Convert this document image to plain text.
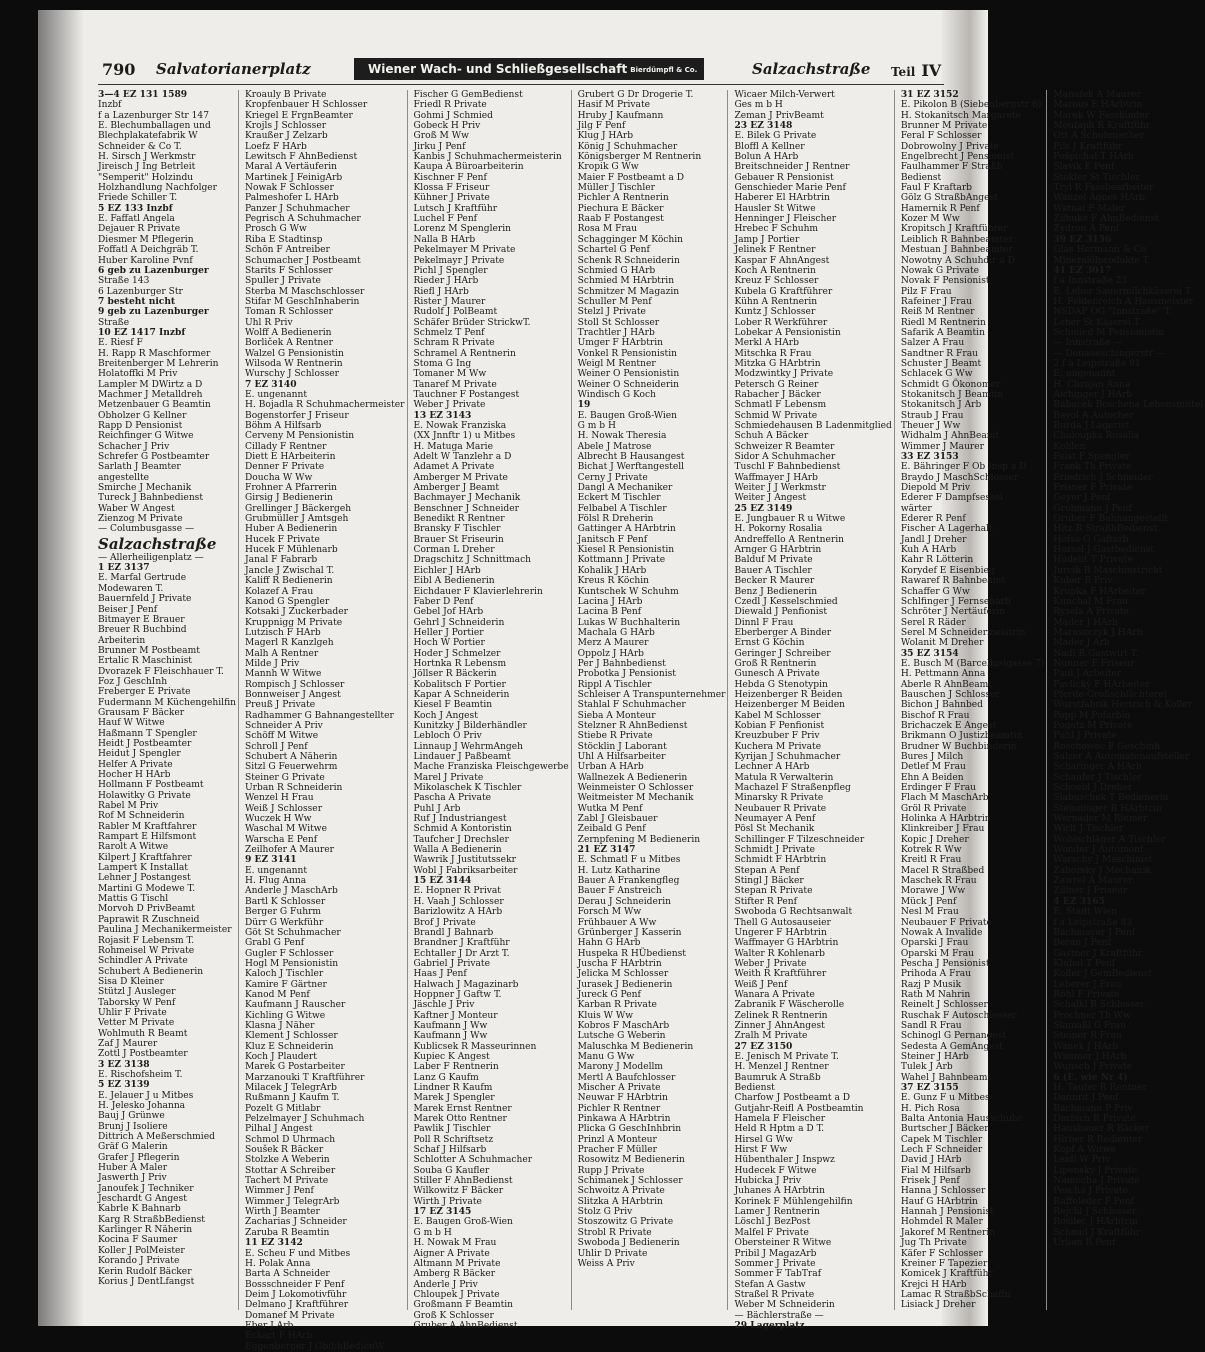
790 Salvatorianerplatz	Wiener Wach- und Schließgesellschaft Bierdümpfl & Co.	Salzachstraße Teil IV
3—4 EZ 131 1589
Inzbf
f a Lazenburger Str 147
E. Blechumballagen und
Blechplakatefabrik W
Schneider & Co T.
H. Sirsch J Werkmstr
Jireisch J Ing Betrleit
"Semperit" Holzindu
Holzhandlung Nachfolger
Friede Schiller T.
5 EZ 133 Inzbf
E. Faffatl Angela
Dejauer R Private
Diesmer M Pflegerin
Foffatl A Deichgräb T.
Huber Karoline Pvnf
6 geb zu Lazenburger
Straße 143
6 Lazenburger Str
7 besteht nicht
9 geb zu Lazenburger
Straße
10 EZ 1417 Inzbf
E. Riesf F
H. Rapp R Maschformer
Breitenberger M Lehrerin
Holatoffki M Priv
Lampler M DWirtz a D
Machmer J Metalldreh
Metzenbauer G Beamtin
Obholzer G Kellner
Rapp D Pensionist
Reichfinger G Witwe
Schacher J Priv
Schrefer G Postbeamter
Sarlath J Beamter
angestellte
Smirche J Mechanik
Tureck J Bahnbedienst
Waber W Angest
Zienzog M Private
— Columbusgasse —
Salzachstraße
— Allerheiligenplatz —
1 EZ 3137
E. Marfal Gertrude
Modewaren T.
Bauernfeld J Private
Beiser J Penf
Bitmayer E Brauer
Breuer R Buchbind
Arbeiterin
Brunner M Postbeamt
Ertalic R Maschinist
Dvorazek F Fleischhauer T.
Foz J GeschInh
Freberger E Private
Fudermann M Küchengehilfin
Grausam F Bäcker
Hauf W Witwe
Haßmann T Spengler
Heidt J Postbeamter
Heidut J Spengler
Helfer A Private
Hocher H HArb
Hollmann F Postbeamt
Holawitky G Private
Rabel M Priv
Rof M Schneiderin
Rabler M Kraftfahrer
Rampart E Hilfsmont
Rarolt A Witwe
Kilpert J Kraftfahrer
Lampert K Installat
Lehner J Postangest
Martini G Modewe T.
Mattis G Tischl
Morvoh D PrivBeamt
Paprawit R Zuschneid
Paulina J Mechanikermeister
Rojasit F Lebensm T.
Rohmeisel W Private
Schindler A Private
Schubert A Bedienerin
Sisa D Kleiner
Stützl J Ausleger
Taborsky W Penf
Uhlir F Private
Vetter M Private
Wohlmuth R Beamt
Zaf J Maurer
Zottl J Postbeamter
3 EZ 3138
E. Rischofsheim T.
5 EZ 3139
E. Jelauer J u Mitbes
H. Jelesko Johanna
Bauj J Grünwe
Brunj J Isoliere
Dittrich A Meßerschmied
Gräf G Malerin
Grafer J Pflegerin
Huber A Maler
Jaswerth J Priv
Janoufek J Techniker
Jeschardt G Angest
Kabrle K Bahnarb
Karg R StraßbBedienst
Karlinger R Näherin
Kocina F Saumer
Koller J PolMeister
Korando J Private
Kerin Rudolf Bäcker
Korius J DentLfangst
Kroauly B Private
Kropfenbauer H Schlosser
Kriegel E FrgnBeamter
Krojls J Schlosser
Kraußer J Zelzarb
Loefz F HArb
Lewitsch F AhnBedienst
Maral A Vertäuferin
Martinek J FeinigArb
Nowak F Schlosser
Palmeshofer L HArb
Panzer J Schuhmacher
Pegrisch A Schuhmacher
Prosch G Ww
Riba E Stadtinsp
Schön F Antreiber
Schumacher J Postbeamt
Starits F Schlosser
Spuller J Private
Sterba M Maschschlosser
Stifar M GeschInhaberin
Toman R Schlosser
Uhl R Priv
Wolff A Bedienerin
Borliček A Rentner
Walzel G Pensionistin
Wilsoda W Rentnerin
Wurschy J Schlosser
7 EZ 3140
E. ungenannt
H. Bojadla R Schuhmachermeister
Bogenstorfer J Friseur
Böhm A Hilfsarb
Cerveny M Pensionistin
Cillady F Rentner
Diett E HArbeiterin
Denner F Private
Doucha W Ww
Frohner A Pfarrerin
Girsig J Bedienerin
Grellinger J Bäckergeh
Grubmüller J Amtsgeh
Huber A Bedienerin
Hucek F Private
Hucek F Mühlenarb
Janal F Fabrarb
Jancle J Zwischal T.
Kaliff R Bedienerin
Kolazef A Frau
Kanod G Spengler
Kotsaki J Zuckerbader
Kruppnigg M Private
Lutzisch F HArb
Magerl R Kanzlgeh
Malh A Rentner
Milde J Priv
Mannh W Witwe
Rompisch J Schlosser
Bonnweiser J Angest
Preuß J Private
Radhammer G Bahnangestellter
Schneider A Priv
Schöff M Witwe
Schroll J Penf
Schubert A Näherin
Sitzl G Feuerwehrm
Steiner G Private
Urban R Schneiderin
Wenzel H Frau
Weiß J Schlosser
Wuczek H Ww
Waschal M Witwe
Warscha E Penf
Zeilhofer A Maurer
9 EZ 3141
E. ungenannt
H. Flug Anna
Anderle J MaschArb
Bartl K Schlosser
Berger G Fuhrm
Dürr G Werkführ
Göt St Schuhmacher
Grabl G Penf
Gugler F Schlosser
Hogl M Pensionistin
Kaloch J Tischler
Kamire F Gärtner
Kanod M Penf
Kaufmann J Rauscher
Kichling G Witwe
Klasna J Näher
Klement J Schlosser
Kluz E Schneiderin
Koch J Plaudert
Marek G Postarbeiter
Marzanouki T Kraftführer
Milacek J TelegrArb
Rußmann J Kaufm T.
Pozelt G Mitlabr
Pelzelmayer J Schuhmach
Pilhal J Angest
Schmol D Uhrmach
Soušek R Bäcker
Stolzke A Weberin
Stottar A Schreiber
Tachert M Private
Wimmer J Penf
Wimmer J TelegrArb
Wirth J Beamter
Zacharias J Schneider
Zaruba R Beamtin
11 EZ 3142
E. Scheu F und Mitbes
H. Polak Anna
Barta A Schneider
Bossschneider F Penf
Deim J Lokomotivführ
Delmano J Kraftführer
Domanef M Private
Eber J Arb
Eckart F HArb
Eggenberger J GbibhBedienW
Fischer G GemBedienst
Friedl R Private
Gohmi J Schmied
Gobeck H Priv
Groß M Ww
Jirku J Penf
Kanbis J Schuhmachermeisterin
Kaupa A Büroarbeiterin
Kischner F Penf
Klossa F Friseur
Kühner J Private
Lutsch J Kraftführ
Luchel F Penf
Lorenz M Spenglerin
Nalla B HArb
Pekelmayer M Private
Pekelmayr J Private
Pichl J Spengler
Rieder J HArb
Riefl J HArb
Rister J Maurer
Rudolf J PolBeamt
Schäfer Brüder StrickwT.
Schmelz T Penf
Schram R Private
Schramel A Rentnerin
Stoma G Ing
Tomaner M Ww
Tanaref M Private
Tauchner F Postangest
Weber J Private
13 EZ 3143
E. Nowak Franziska
(XX Jnnftr 1) u Mitbes
H. Matuga Marie
Adelt W Tanzlehr a D
Adamet A Private
Amberger M Private
Amberger J Beamt
Bachmayer J Mechanik
Benschner J Schneider
Benedikt R Rentner
Bransky F Tischler
Brauer St Friseurin
Corman L Dreher
Dragschitz J Schnittmach
Eichler J HArb
Eibl A Bedienerin
Eichdauer F Klavierlehrerin
Faber D Penf
Gebel Jof HArb
Gehrl J Schneiderin
Heller J Portier
Hoch W Portier
Hoder J Schmelzer
Hortnka R Lebensm
Jöllser R Bäckerin
Kobalitsch F Portier
Kapar A Schneiderin
Kiesel F Beamtin
Koch J Angest
Kunitzky J Bilderhändler
Lebloch O Priv
Linnaup J WehrmAngeh
Lindauer J Paßbeamt
Mache Franziska Fleischgewerbe
Marel J Private
Mikolaschek K Tischler
Pascha A Private
Puhl J Arb
Ruf J Industriangest
Schmid A Kontoristin
Taufcher J Drechsler
Walla A Bedienerin
Wawrik J Justitutssekr
Wobl J Fabriksarbeiter
15 EZ 3144
E. Hopner R Privat
H. Vaah J Schlosser
Barizlowitz A HArb
Brof J Private
Brandl J Bahnarb
Brandner J Kraftführ
Echtaller J Dr Arzt T.
Gabriel J Private
Haas J Penf
Halwach J Magazinarb
Hoppner J Gaftw T.
Jäschle J Priv
Kaftner J Monteur
Kaufmann J Ww
Kaufmann J Ww
Kublicsek R Masseurinnen
Kupiec K Angest
Laber F Rentnerin
Lanz G Kaufm
Lindner R Kaufm
Marek J Spengler
Marek Ernst Rentner
Marek Otto Rentner
Pawlik J Tischler
Poll R Schriftsetz
Schaf J Hilfsarb
Schlotter A Schuhmacher
Souba G Kaufler
Stiller F AhnBedienst
Wilkowitz F Bäcker
Wirth J Private
17 EZ 3145
E. Baugen Groß-Wien
G m b H
H. Nowak M Frau
Aigner A Private
Altmann M Private
Amberg R Bäcker
Anderle J Priv
Chloupek J Private
Großmann F Beamtin
Groß K Schlosser
Gruber A AhnBedienst
Grubert G Dr Drogerie T.
Hasif M Private
Hruby J Kaufmann
Jilg F Penf
Klug J HArb
König J Schuhmacher
Königsberger M Rentnerin
Kropik G Ww
Maier F Postbeamt a D
Müller J Tischler
Pichler A Rentnerin
Piechura E Bäcker
Raab F Postangest
Rosa M Frau
Schagginger M Köchin
Schartel G Penf
Schenk R Schneiderin
Schmied G HArb
Schmied M HArbtrin
Schmitzer M Magazin
Schuller M Penf
Stelzl J Private
Stoll St Schlosser
Trachtler J HArb
Umger F HArbtrin
Vonkel R Pensionistin
Weigl M Rentner
Weiner O Pensionistin
Weiner O Schneiderin
Windisch G Koch
19
E. Baugen Groß-Wien
G m b H
H. Nowak Theresia
Abele J Matrose
Albrecht B Hausangest
Bichat J Werftangestell
Cerny J Private
Dangl A Mechaniker
Eckert M Tischler
Felbabel A Tischler
Fölsl R Dreherin
Gattinger A HArbtrin
Janitsch F Penf
Kiesel R Pensionistin
Kottmann J Private
Kohalik J HArb
Kreus R Köchin
Kuntschek W Schuhm
Lacina J HArb
Lacina B Penf
Lukas W Buchhalterin
Machala G HArb
Merz A Maurer
Oppolz J HArb
Per J Bahnbedienst
Probotka J Pensionist
Rippl A Tischler
Schleiser A Transpunternehmer
Stahlal F Schuhmacher
Sieba A Monteur
Stelzner R AhnBedienst
Stiebe R Private
Stöcklin J Laborant
Uhl A Hilfsarbeiter
Urban A HArb
Wallnezek A Bedienerin
Weinmeister O Schlosser
Weitmeister M Mechanik
Wutka M Penf
Zabl J Gleisbauer
Zeibald G Penf
Zernpfening M Bedienerin
21 EZ 3147
E. Schmatl F u Mitbes
H. Lutz Katharine
Bauer A Frankengfleg
Bauer F Anstreich
Derau J Schneiderin
Forsch M Ww
Frühbauer A Ww
Grünberger J Kasserin
Hahn G HArb
Huspeka R HÜbedienst
Juscha F HArbtrin
Jelicka M Schlosser
Jurasek J Bedienerin
Jureck G Penf
Karban R Private
Kluis W Ww
Kobros F MaschArb
Lutsche G Weberin
Maluschka M Bedienerin
Manu G Ww
Marony J Modellm
Mertl A Baufchlosser
Mischer A Private
Neuwar F HArbtrin
Pichler R Rentner
Pinkawa A HArbtrin
Plicka G GeschInhbrin
Prinzl A Monteur
Pracher F Müller
Rosowitz M Bedienerin
Rupp J Private
Schimanek J Schlosser
Schwoitz A Private
Slitzka A HArbtrin
Stolz G Priv
Stoszowitz G Private
Strobl R Private
Swoboda J Bedienerin
Uhlir D Private
Weiss A Priv
Wicaer Milch-Verwert
Ges m b H
Zeman J PrivBeamt
23 EZ 3148
E. Bilek G Private
Bloffl A Kellner
Bolun A HArb
Breitschneider J Rentner
Gebauer R Pensionist
Genschieder Marie Penf
Haberer El HArbtrin
Hausler St Witwe
Henninger J Fleischer
Hrebec F Schuhm
Jamp J Portier
Jelinek F Rentner
Kaspar F AhnAngest
Koch A Rentnerin
Kreuz F Schlosser
Kubela G Kraftführer
Kühn A Rentnerin
Kuntz J Schlosser
Lober R Werkführer
Lobekar A Pensionistin
Merkl A HArb
Mitschka R Frau
Mitzka G HArbtrin
Modzwintky J Private
Petersch G Reiner
Rabacher J Bäcker
Schmatl F Lebensm
Schmid W Private
Schmiedehausen B Ladenmitglied
Schuh A Bäcker
Schweizer R Beamter
Sidor A Schuhmacher
Tuschl F Bahnbedienst
Waffmayer J HArb
Weiter J J Werkmstr
Weiter J Angest
25 EZ 3149
E. Jungbauer R u Witwe
H. Pokorny Rosalia
Andreffello A Rentnerin
Arnger G HArbtrin
Balduf M Private
Bauer A Tischler
Becker R Maurer
Benz J Bedienerin
Czedl J Kesselschmied
Diewald J Penfionist
Dinnl F Frau
Eberberger A Binder
Ernst G Köchin
Geringer J Schreiber
Groß R Rentnerin
Gunesch A Private
Hebda G Stenotypin
Heizenberger R Beiden
Heizenberger M Beiden
Kabel M Schlosser
Kobian F Penfionist
Kreuzbuber F Priv
Kuchera M Private
Kyrijan J Schuhmacher
Lechner A HArb
Matula R Verwalterin
Machazel F Straßenpfleg
Minarsky R Private
Neubauer R Private
Neumayer A Penf
Pösl St Mechanik
Schillinger F Tilzeschneider
Schmidt J Private
Schmidt F HArbtrin
Stepan A Penf
Stingl J Bäcker
Stepan R Private
Stifter R Penf
Swoboda G Rechtsanwalt
Thell G Autosauseier
Ungerer F HArbtrin
Waffmayer G HArbtrin
Walter R Kohlenarb
Weber J Private
Weith R Kraftführer
Weiß J Penf
Wanara A Private
Zabranik F Wäscherolle
Zelinek R Rentnerin
Zinner J AhnAngest
Zralh M Private
27 EZ 3150
E. Jenisch M Private T.
H. Menzel J Rentner
Baumruk A Straßb
Bedienst
Charfow J Postbeamt a D
Gutjahr-Reifl A Postbeamtin
Hamela F Fleischer
Held R Hptm a D T.
Hirsel G Ww
Hirst F Ww
Hübenthaler J Inspwz
Hudecek F Witwe
Hubicka J Priv
Juhanes A HArbtrin
Korinek F Mühlengehilfin
Lamer J Rentnerin
Löschl J BezPost
Malfel F Private
Obersteiner R Witwe
Pribil J MagazArb
Sommer J Private
Sommer F TabTraf
Stefan A Gastw
Straßel R Private
Weber M Schneiderin
— Bächlerstraße —
29 Lagerplatz
31 EZ 3152
E. Pikolon B (Siebenbergstr 6)
H. Stokanitsch Margarete
Brunner M Private
Feral F Schlosser
Dobrowolny J Private
Engelbrecht J Pensionist
Faulhammer F Straßb
Bedienst
Faul F Kraftarb
Gölz G StraßbAngest
Hamernik R Penf
Kozer M Ww
Kropitsch J Kraftführer
Leiblich R Bahnbeamter
Mestuan J Bahnbeamter
Nowotny A Schuhdir a D
Nowak G Private
Novak F Pensionist
Pilz F Frau
Rafeiner J Frau
Reiß M Rentner
Riedl M Rentnerin
Safarik A Beamtin
Salzer A Frau
Sandtner R Frau
Schuster J Beamt
Schlacek G Ww
Schmidt G Ökonomer
Stokanitsch J Beamtin
Stokanitsch J Arb
Straub J Frau
Theuer J Ww
Widhalm J AhnBeamt
Wimmer J Maurer
33 EZ 3153
E. Bähringer F Ob Insp a D
Braydo J MaschSchlosser
Diepold M Priv
Ederer F Dampfsessel
wärter
Ederer R Penf
Fischer A Lagerhalt
Jandl J Dreher
Kuh A HArb
Kahr R Lötterin
Korydef E Eisenbieg
Rawaref R Bahnbeamt
Schaffer G Ww
Schlfinger J Fernseharb
Schröter J Nertäuferin
Serel R Räder
Serel M Schneidermeistrin
Wolanit M Dreher
35 EZ 3154
E. Busch M (Barcelluslgasse 7)
H. Pettmann Anna
Aberle R AhnBeamt
Bauschen J Schlosser
Bichon J Bahnbed
Bischof R Frau
Brichaczek E Angest
Brikmann O Justizbeamtin
Brudner W Buchbinderin
Bures J Milch
Detlef M Frau
Ehn A Beiden
Erdinger F Frau
Flach M MaschArb
Gröl R Private
Holinka A HArbtrin
Klinkreiber J Frau
Kopic J Dreher
Kotrek R Ww
Kreitl R Frau
Macel R Straßbed
Maschek R Frau
Morawe J Ww
Mück J Penf
Nesl M Frau
Neubauer F Private
Nowak A Invalide
Oparski J Frau
Oparski M Frau
Pescha J Pensionist
Prihoda A Frau
Razj P Musik
Rath M Nahrin
Reinelt J Schlosser
Ruschak F Autoschlosser
Sandl R Frau
Schinogl G Pernangest
Sedesta A GemAngest
Steiner J HArb
Tulek J Arb
Wahel J Bahnbeamt
37 EZ 3155
E. Gunz F u Mitbes
H. Pich Rosa
Balta Antonia Hausschuhe
Burtscher J Bäcker
Capek M Tischler
Lech F Schneider
David J HArb
Fial M Hilfsarb
Frisek J Penf
Hanna J Schlosser
Hauf G HArbtrin
Hannah J Pensionist
Hohmdel R Maler
Jakoref M Rentnerin
Jug Th Private
Käfer F Schlosser
Kreiner F Tapezier
Komicek J Kraftführ
Krejci H HArb
Lamac R StraßbSchaffn
Lisiack J Dreher
Manafek A Maurer
Marous E HArbtrin
Marek W Fassbinder
Moufaph R Kraftführ
Ott A Schuhmacher
Pils J Kraftführ
Pošpichal T HArb
Slavik E Penf
Stokler St Tischler
Tryl R Fassbearbeiter
Wanzel Agnes HArb
Watnai F Maler
Zilhuke F AhnBedienst
Zydron A Penf
39 EZ 3156
Glas Hermann & Co
Mineralölprodukte T.
41 EZ 3017
f a Innstraße 23
E. Leher Sauermilchkäserei T.
H. Feldenreich A Hausmeister
NSDAP OG "Innstraße" T.
Leher St Käserei T.
Schmied M Pensionistin
— Innstraße —
— Donaueschingerstr —
2 f a Leipstraße 81
E. ungenannt
H. Chrojan Anna
Aichinger J HArb
Babacek Boschena Lebensmittel
Bayol A Autocher
Burda J Lagerist
Chaloupka Rosalia
Kohlen
Feist F Spengler
Frank Th Private
Friedrich J Schneider
Frisner F Private
Geyer J Penf
Grohmann J Penf
Gruber F Bahnangestellt
Hitz R StraßbBedienst
Hofsa G Gaftarb
Horsel J Gastbedienst
Hudelit T Private
Jurcik R Maschinstrickt
Kuber R Priv
Krupka F HArbeiter
Kunchal M Frau
Rysela A Private
Mader J HArb
Maruszczyk J HArb
Mader J Arb
Nadl R Gastwirt T.
Nunner F Friseur
Paul J Arbeiter
Pavlický F HArbeiter
Pferde-Großschlächterei
Wurstfabrik Hertrich & Koller
Popp M Pofarbin
Pogatz M Private
Puhl J Private
Roschowec F Geschinh
Salzer A Automatenaufsteller
Scharinger A HArb
Schaufer J Tischler
Schoebl J Dreher
Slabuschek T Bedienerin
Steinninger R HArbtrin
Wernader M Riemer
Wirlt J Tischler
Wohlschläger A Tischler
Wonder J Automont
Warschy J Maschinist
Zaborsky J Mechanik
Zawrel A Maurer
Zillner J Friseur
4 EZ 3165
E. Stadt Wien
f a Leipstraße 83
Bachmayer J Penf
Beran J Penf
Gastner J Kraftführ
Klubal T Penf
Koller J GemBedienst
Leberer J Frau
Röhl F Private
Schalkl R Schlosser
Prochner Th Ww
Slamaßl G Frau
Steiner R Frau
Wanek J HArb
Wimmer J HArb
Wunsch J Private
6 (E. wie Nr 4)
H. Taufer R Rentner
Dannrit J Penf
Bachmann P Priv
Derbich R Private
Hausbauer R Bäcker
Hirber R Bedienter
Kopf A Witwe
Leidl W Priv
Lipensky J Private
Namocha J Private
Pescha J Private
Raffeleder F Penf
Rejchl J Schlosser
Rosilec J HArbtrin
Schmid J Kraftführ
Urban R Penf
